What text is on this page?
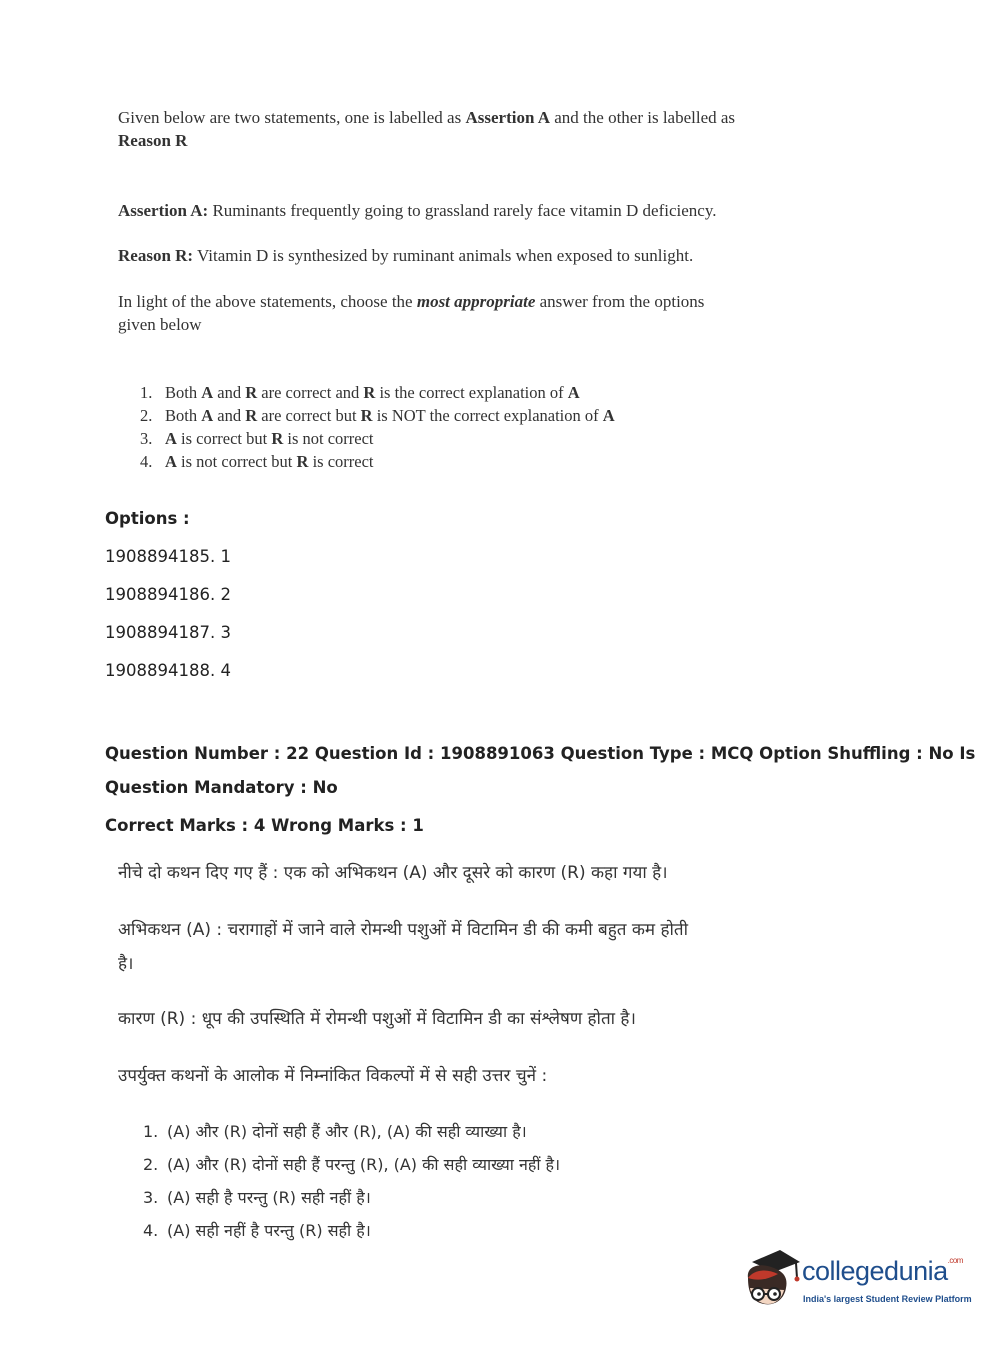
Given below are two statements, one is labelled as Assertion A and the other is labelled as
Reason R
Assertion A: Ruminants frequently going to grassland rarely face vitamin D deficiency.
Reason R: Vitamin D is synthesized by ruminant animals when exposed to sunlight.
In light of the above statements, choose the most appropriate answer from the options given below
1. Both A and R are correct and R is the correct explanation of A
2. Both A and R are correct but R is NOT the correct explanation of A
3. A is correct but R is not correct
4. A is not correct but R is correct
Options :
1908894185. 1
1908894186. 2
1908894187. 3
1908894188. 4
Question Number : 22 Question Id : 1908891063 Question Type : MCQ Option Shuffling : No Is
Question Mandatory : No
Correct Marks : 4 Wrong Marks : 1
नीचे दो कथन दिए गए हैं : एक को अभिकथन (A) और दूसरे को कारण (R) कहा गया है।
अभिकथन (A) : चरागाहों में जाने वाले रोमन्थी पशुओं में विटामिन डी की कमी बहुत कम होती
है।
कारण (R) : धूप की उपस्थिति में रोमन्थी पशुओं में विटामिन डी का संश्लेषण होता है।
उपर्युक्त कथनों के आलोक में निम्नांकित विकल्पों में से सही उत्तर चुनें :
1. (A) और (R) दोनों सही हैं और (R), (A) की सही व्याख्या है।
2. (A) और (R) दोनों सही हैं परन्तु (R), (A) की सही व्याख्या नहीं है।
3. (A) सही है परन्तु (R) सही नहीं है।
4. (A) सही नहीं है परन्तु (R) सही है।
collegedunia$^{.com}$
India's largest Student Review Platform
